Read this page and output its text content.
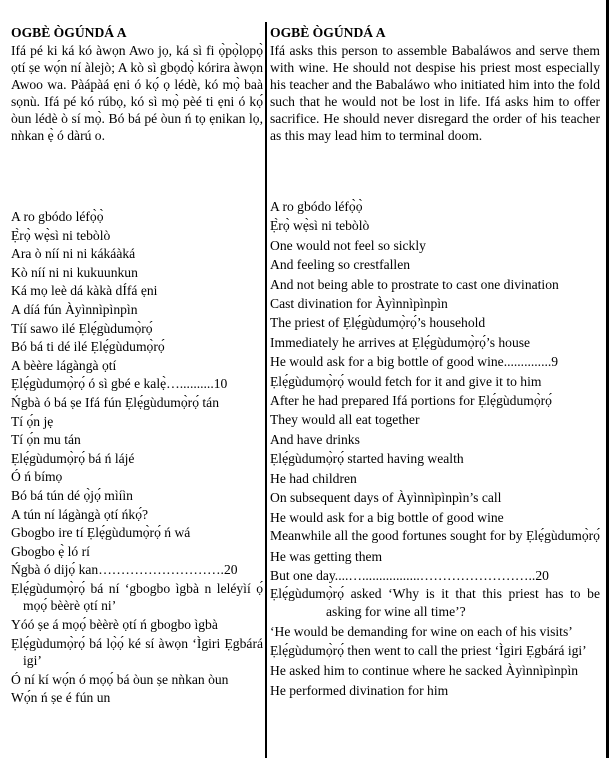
OGBÈ ÒGÚNDÁ A

Ifá pé ki ká kó àwọn Awo jọ, ká sì fi ọ̀pọ̀lọpọ̀ ọtí ṣe wọ́n ní àlejò; A kò sì gbọdọ̀ kórira àwọn Awoo wa. Pàápàá ẹni ó kọ́ ọ lédè, kó mọ̀ baà sọnù. Ifá pé kó rúbọ, kó sì mọ̀ pèé ti ẹni ó kọ́ òun lédè ò sí mọ̀. Bó bá pé òun ń tọ ẹnikan lọ, nǹkan ẹ̀ ó dàrú o.

A ro gbódo léfọ̀ọ̀
Ẹ̀rọ̀ wẹ̀sì ni tebòlò
Ara ò níí ni ni kákáàká
Kò níí ni ni kukuunkun
Ká mọ leè dá kàkà dÍfá ẹni
A díá fún Àyìnnìpìnpìn
Tíí sawo ilé Ẹlẹ́gùdumọ̀rọ́
Bó bá ti dé ilé Ẹlẹ́gùdumọ̀rọ́
A bèère lágàngà ọtí
Ẹlẹ́gùdumọ̀rọ́ ó sì gbé e kalẹ̀…..........10
Ńgbà ó bá ṣe Ifá fún Ẹlẹ́gùdumọ̀rọ́ tán
Tí ọ́n jẹ
Tí ọ́n mu tán
Ẹlẹ́gùdumọ̀rọ́ bá ń lájé
Ó ń bímọ
Bó bá tún dé ọ̀jọ́ mìíìn
A tún ní lágàngà ọtí ńkọ́?
Gbogbo ire tí Ẹlẹ́gùdumọ̀rọ́ ń wá
Gbogbo ẹ̀ ló rí
Ńgbà ó dijọ́ kan……………………….20
Ẹlẹ́gùdumọ̀rọ́ bá ní ‘gbogbo ìgbà n leléyìí ọ́ mọọ́ bèèrè ọtí ni’
Yóó ṣe á mọọ́ bèèrè ọtí ń gbogbo ìgbà
Ẹlẹ́gùdumọ̀rọ́ bá lọ̀ọ́ ké sí àwọn ‘Ìgiri Ẹgbárá igi’
Ó ní kí wọ́n ó mọọ́ bá òun ṣe nǹkan òun
Wọ́n ń ṣe é fún un
OGBÈ ÒGÚNDÁ A

Ifá asks this person to assemble Babaláwos and serve them with wine. He should not despise his priest most especially his teacher and the Babaláwo who initiated him into the fold such that he would not be lost in life. Ifá asks him to offer sacrifice. He should never disregard the order of his teacher as this may lead him to terminal doom.

A ro gbódo léfọ̀ọ̀
Ẹ̀rọ̀ wẹ̀sì ni tebòlò
One would not feel so sickly
And feeling so crestfallen
And not being able to prostrate to cast one divination
Cast divination for Àyìnnìpìnpìn
The priest of Ẹlẹ́gùdumọ̀rọ́’s household
Immediately he arrives at Ẹlẹ́gùdumọ̀rọ́’s house
He would ask for a big bottle of good wine..............9
Ẹlẹ́gùdumọ̀rọ́ would fetch for it and give it to him
After he had prepared Ifá portions for Ẹlẹ́gùdumọ̀rọ́
They would all eat together
And have drinks
Ẹlẹ́gùdumọ̀rọ́ started having wealth
He had children
On subsequent days of Àyìnnìpìnpìn’s call
He would ask for a big bottle of good wine
Meanwhile all the good fortunes sought for by Ẹlẹ́gùdumọ̀rọ́
He was getting them
But one day....….................……………………..20
Ẹlẹ́gùdumọ̀rọ́ asked ‘Why is it that this priest has to be asking for wine all time’?
‘He would be demanding for wine on each of his visits’
Ẹlẹ́gùdumọ̀rọ́ then went to call the priest ‘Ìgiri Ẹgbárá igi’
He asked him to continue where he sacked Àyìnnìpìnpìn
He performed divination for him
